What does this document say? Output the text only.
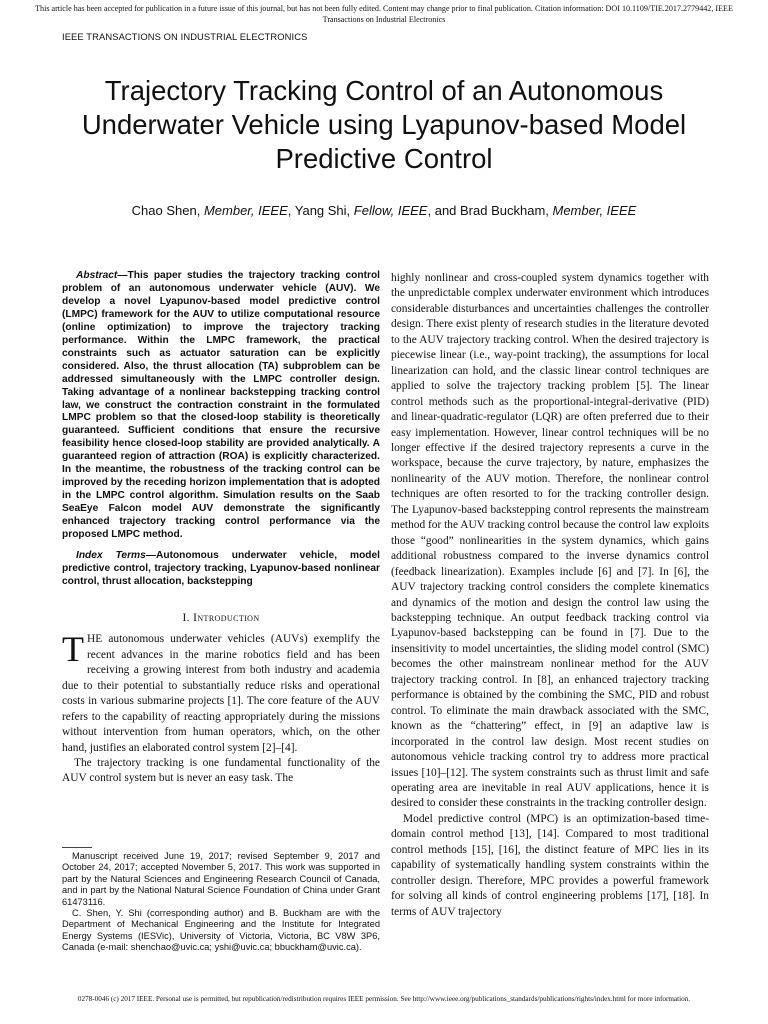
This article has been accepted for publication in a future issue of this journal, but has not been fully edited. Content may change prior to final publication. Citation information: DOI 10.1109/TIE.2017.2779442, IEEE Transactions on Industrial Electronics
IEEE TRANSACTIONS ON INDUSTRIAL ELECTRONICS
Trajectory Tracking Control of an Autonomous Underwater Vehicle using Lyapunov-based Model Predictive Control
Chao Shen, Member, IEEE, Yang Shi, Fellow, IEEE, and Brad Buckham, Member, IEEE

Abstract—This paper studies the trajectory tracking control problem of an autonomous underwater vehicle (AUV). We develop a novel Lyapunov-based model predictive control (LMPC) framework for the AUV to utilize computational resource (online optimization) to improve the trajectory tracking performance. Within the LMPC framework, the practical constraints such as actuator saturation can be explicitly considered. Also, the thrust allocation (TA) subproblem can be addressed simultaneously with the LMPC controller design. Taking advantage of a nonlinear backstepping tracking control law, we construct the contraction constraint in the formulated LMPC problem so that the closed-loop stability is theoretically guaranteed. Sufficient conditions that ensure the recursive feasibility hence closed-loop stability are provided analytically. A guaranteed region of attraction (ROA) is explicitly characterized. In the meantime, the robustness of the tracking control can be improved by the receding horizon implementation that is adopted in the LMPC control algorithm. Simulation results on the Saab SeaEye Falcon model AUV demonstrate the significantly enhanced trajectory tracking control performance via the proposed LMPC method.

Index Terms—Autonomous underwater vehicle, model predictive control, trajectory tracking, Lyapunov-based nonlinear control, thrust allocation, backstepping

I. Introduction

THE autonomous underwater vehicles (AUVs) exemplify the recent advances in the marine robotics field and has been receiving a growing interest from both industry and academia due to their potential to substantially reduce risks and operational costs in various submarine projects [1]. The core feature of the AUV refers to the capability of reacting appropriately during the missions without intervention from human operators, which, on the other hand, justifies an elaborated control system [2]–[4].

The trajectory tracking is one fundamental functionality of the AUV control system but is never an easy task. The

Manuscript received June 19, 2017; revised September 9, 2017 and October 24, 2017; accepted November 5, 2017. This work was supported in part by the Natural Sciences and Engineering Research Council of Canada, and in part by the National Natural Science Foundation of China under Grant 61473116.

C. Shen, Y. Shi (corresponding author) and B. Buckham are with the Department of Mechanical Engineering and the Institute for Integrated Energy Systems (IESVic), University of Victoria, Victoria, BC V8W 3P6, Canada (e-mail: shenchao@uvic.ca; yshi@uvic.ca; bbuckham@uvic.ca).

highly nonlinear and cross-coupled system dynamics together with the unpredictable complex underwater environment which introduces considerable disturbances and uncertainties challenges the controller design. There exist plenty of research studies in the literature devoted to the AUV trajectory tracking control. When the desired trajectory is piecewise linear (i.e., way-point tracking), the assumptions for local linearization can hold, and the classic linear control techniques are applied to solve the trajectory tracking problem [5]. The linear control methods such as the proportional-integral-derivative (PID) and linear-quadratic-regulator (LQR) are often preferred due to their easy implementation. However, linear control techniques will be no longer effective if the desired trajectory represents a curve in the workspace, because the curve trajectory, by nature, emphasizes the nonlinearity of the AUV motion. Therefore, the nonlinear control techniques are often resorted to for the tracking controller design. The Lyapunov-based backstepping control represents the mainstream method for the AUV tracking control because the control law exploits those “good” nonlinearities in the system dynamics, which gains additional robustness compared to the inverse dynamics control (feedback linearization). Examples include [6] and [7]. In [6], the AUV trajectory tracking control considers the complete kinematics and dynamics of the motion and design the control law using the backstepping technique. An output feedback tracking control via Lyapunov-based backstepping can be found in [7]. Due to the insensitivity to model uncertainties, the sliding model control (SMC) becomes the other mainstream nonlinear method for the AUV trajectory tracking control. In [8], an enhanced trajectory tracking performance is obtained by the combining the SMC, PID and robust control. To eliminate the main drawback associated with the SMC, known as the “chattering” effect, in [9] an adaptive law is incorporated in the control law design. Most recent studies on autonomous vehicle tracking control try to address more practical issues [10]–[12]. The system constraints such as thrust limit and safe operating area are inevitable in real AUV applications, hence it is desired to consider these constraints in the tracking controller design.

Model predictive control (MPC) is an optimization-based time-domain control method [13], [14]. Compared to most traditional control methods [15], [16], the distinct feature of MPC lies in its capability of systematically handling system constraints within the controller design. Therefore, MPC provides a powerful framework for solving all kinds of control engineering problems [17], [18]. In terms of AUV trajectory

0278-0046 (c) 2017 IEEE. Personal use is permitted, but republication/redistribution requires IEEE permission. See http://www.ieee.org/publications_standards/publications/rights/index.html for more information.
